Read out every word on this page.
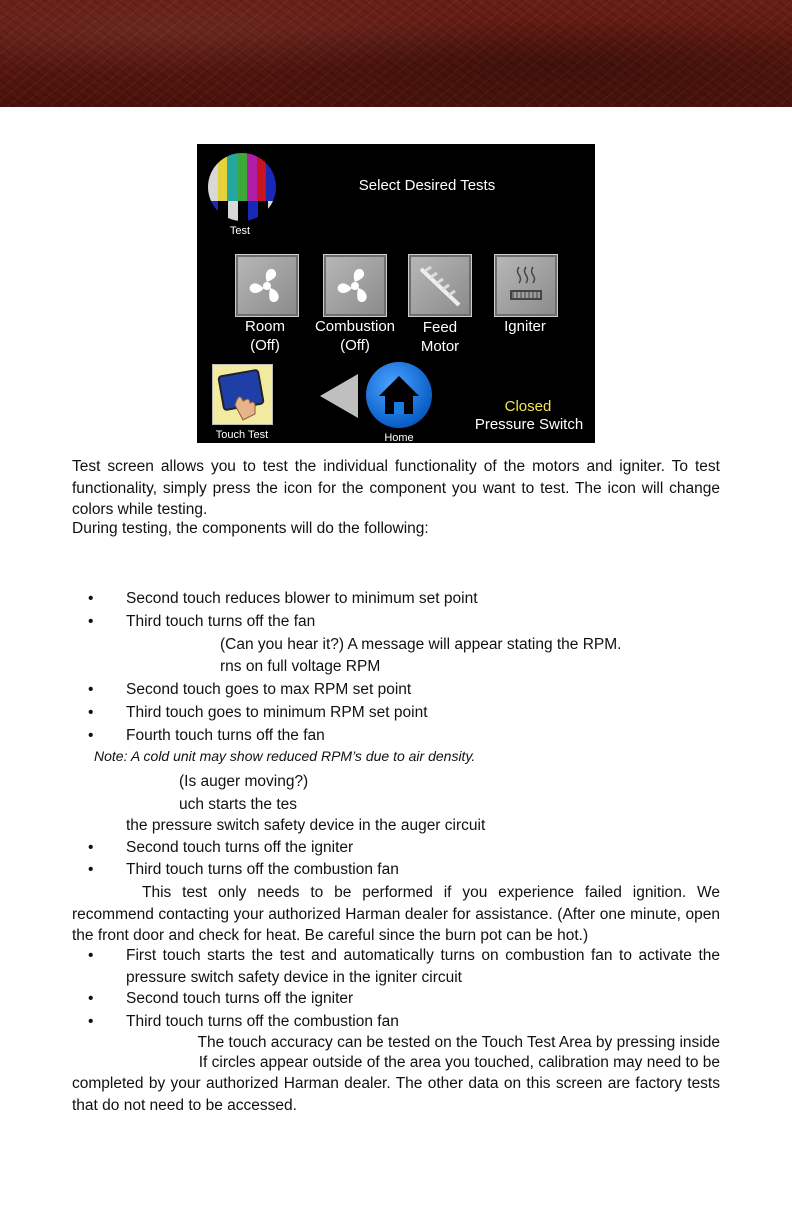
Test
Select Desired Tests
Room
(Off)
Combustion
(Off)
Feed
Motor
Igniter
Touch Test	Home
Closed
Pressure Switch
Test screen allows you to test the individual functionality of the motors and igniter. To test functionality, simply press the icon for the component you want to test. The icon will change colors while testing.
During testing, the components will do the following:
• Second touch reduces blower to minimum set point
• Third touch turns off the fan
(Can you hear it?) A message will appear stating the RPM.
rns on full voltage RPM
• Second touch goes to max RPM set point
• Third touch goes to minimum RPM set point
• Fourth touch turns off the fan
Note: A cold unit may show reduced RPM’s due to air density.
(Is auger moving?)
uch starts the tes
the pressure switch safety device in the auger circuit
• Second touch turns off the igniter
• Third touch turns off the combustion fan
This test only needs to be performed if you experience failed ignition. We recommend contacting your authorized Harman dealer for assistance. (After one minute, open the front door and check for heat. Be careful since the burn pot can be hot.)
• First touch starts the test and automatically turns on combustion fan to activate the pressure switch safety device in the igniter circuit
• Second touch turns off the igniter
• Third touch turns off the combustion fan
The touch accuracy can be tested on the Touch Test Area by pressing inside
If circles appear outside of the area you touched, calibration may need to be
completed by your authorized Harman dealer. The other data on this screen are factory tests that do not need to be accessed.
